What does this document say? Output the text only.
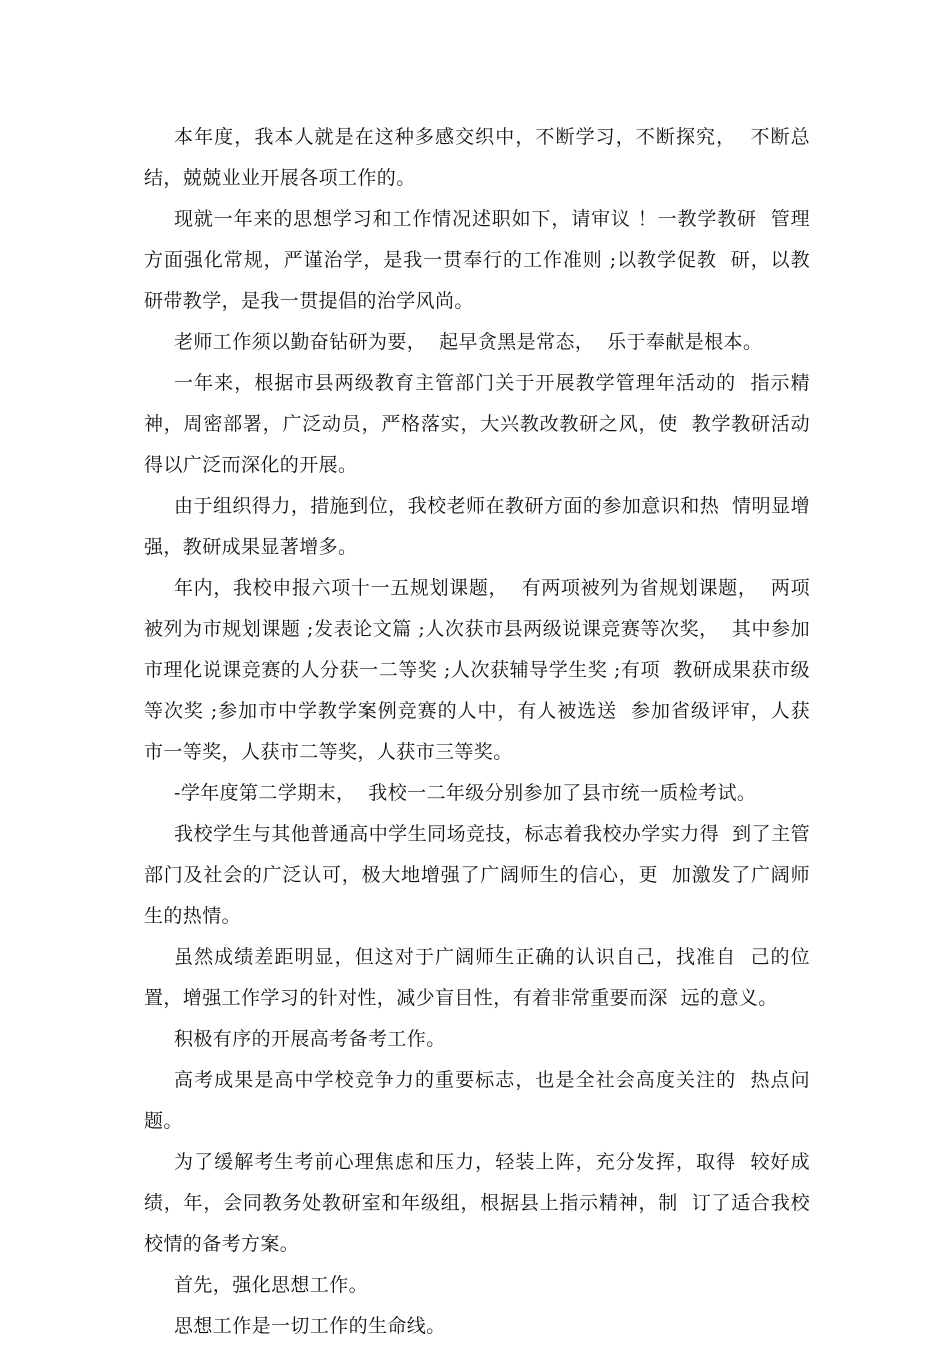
本年度，我本人就是在这种多感交织中，不断学习，不断探究，  不断总结，兢兢业业开展各项工作的。

现就一年来的思想学习和工作情况述职如下，请审议 ！一教学教研  管理方面强化常规，严谨治学，是我一贯奉行的工作准则 ;以教学促教  研，以教研带教学，是我一贯提倡的治学风尚。

老师工作须以勤奋钻研为要，  起早贪黑是常态，  乐于奉献是根本。

一年来，根据市县两级教育主管部门关于开展教学管理年活动的  指示精神，周密部署，广泛动员，严格落实，大兴教改教研之风，使  教学教研活动得以广泛而深化的开展。

由于组织得力，措施到位，我校老师在教研方面的参加意识和热  情明显增强，教研成果显著增多。

年内，我校申报六项十一五规划课题，  有两项被列为省规划课题，  两项被列为市规划课题 ;发表论文篇 ;人次获市县两级说课竞赛等次奖，  其中参加市理化说课竞赛的人分获一二等奖 ;人次获辅导学生奖 ;有项  教研成果获市级等次奖 ;参加市中学教学案例竞赛的人中，有人被选送  参加省级评审，人获市一等奖，人获市二等奖，人获市三等奖。

-学年度第二学期末，  我校一二年级分别参加了县市统一质检考试。

我校学生与其他普通高中学生同场竞技，标志着我校办学实力得  到了主管部门及社会的广泛认可，极大地增强了广阔师生的信心，更  加激发了广阔师生的热情。

虽然成绩差距明显，但这对于广阔师生正确的认识自己，找准自  己的位置，增强工作学习的针对性，减少盲目性，有着非常重要而深  远的意义。

积极有序的开展高考备考工作。

高考成果是高中学校竞争力的重要标志，也是全社会高度关注的  热点问题。

为了缓解考生考前心理焦虑和压力，轻装上阵，充分发挥，取得  较好成绩，年，会同教务处教研室和年级组，根据县上指示精神，制  订了适合我校校情的备考方案。

首先，强化思想工作。

思想工作是一切工作的生命线。
